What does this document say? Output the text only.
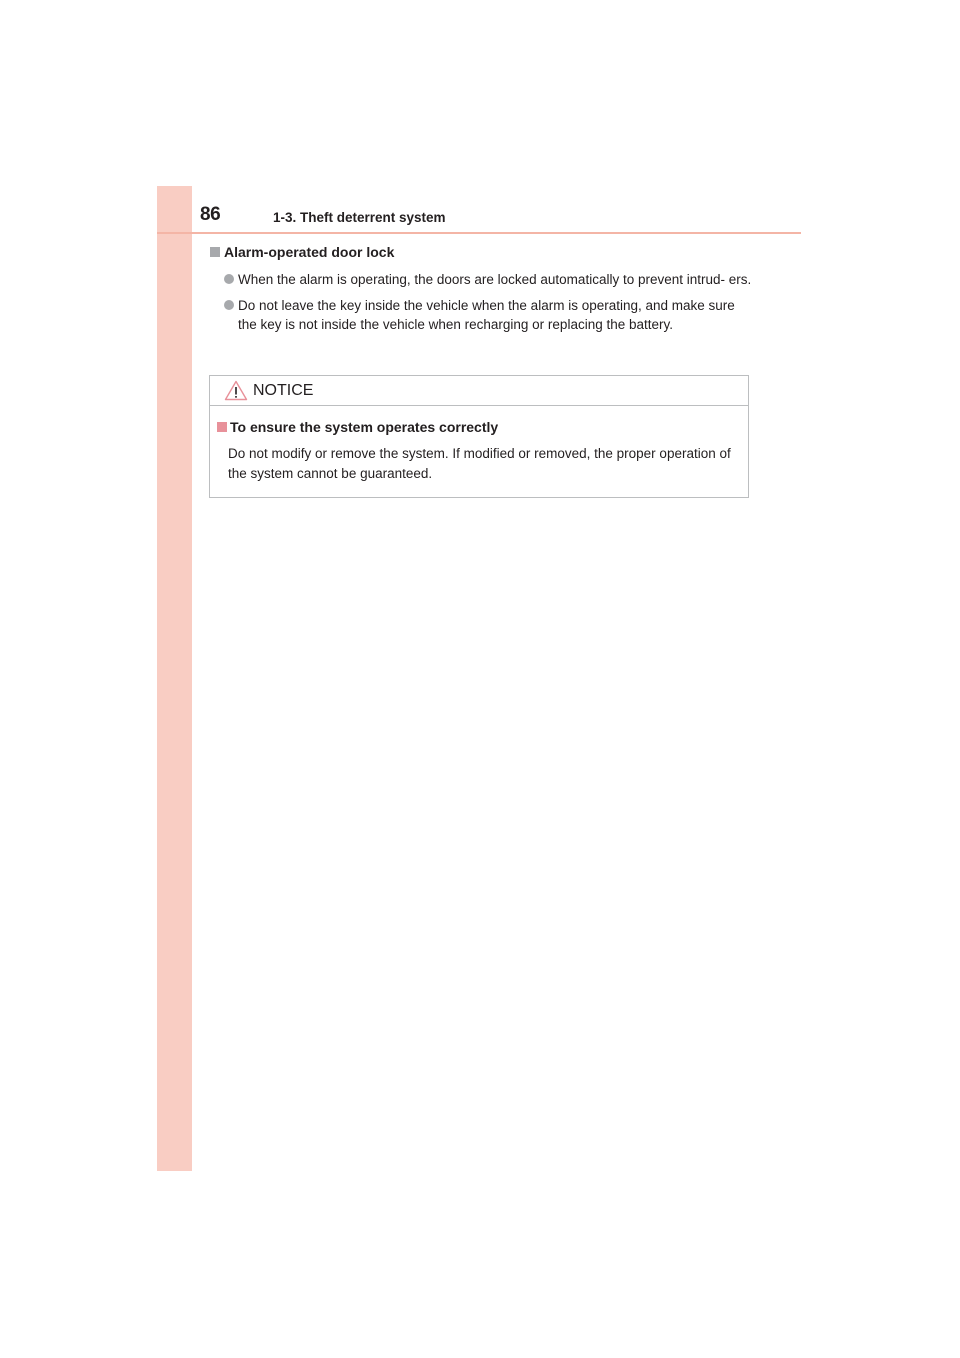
86	1-3. Theft deterrent system
Alarm-operated door lock
When the alarm is operating, the doors are locked automatically to prevent intrud- ers.
Do not leave the key inside the vehicle when the alarm is operating, and make sure the key is not inside the vehicle when recharging or replacing the battery.
NOTICE
To ensure the system operates correctly
Do not modify or remove the system. If modified or removed, the proper operation of the system cannot be guaranteed.
